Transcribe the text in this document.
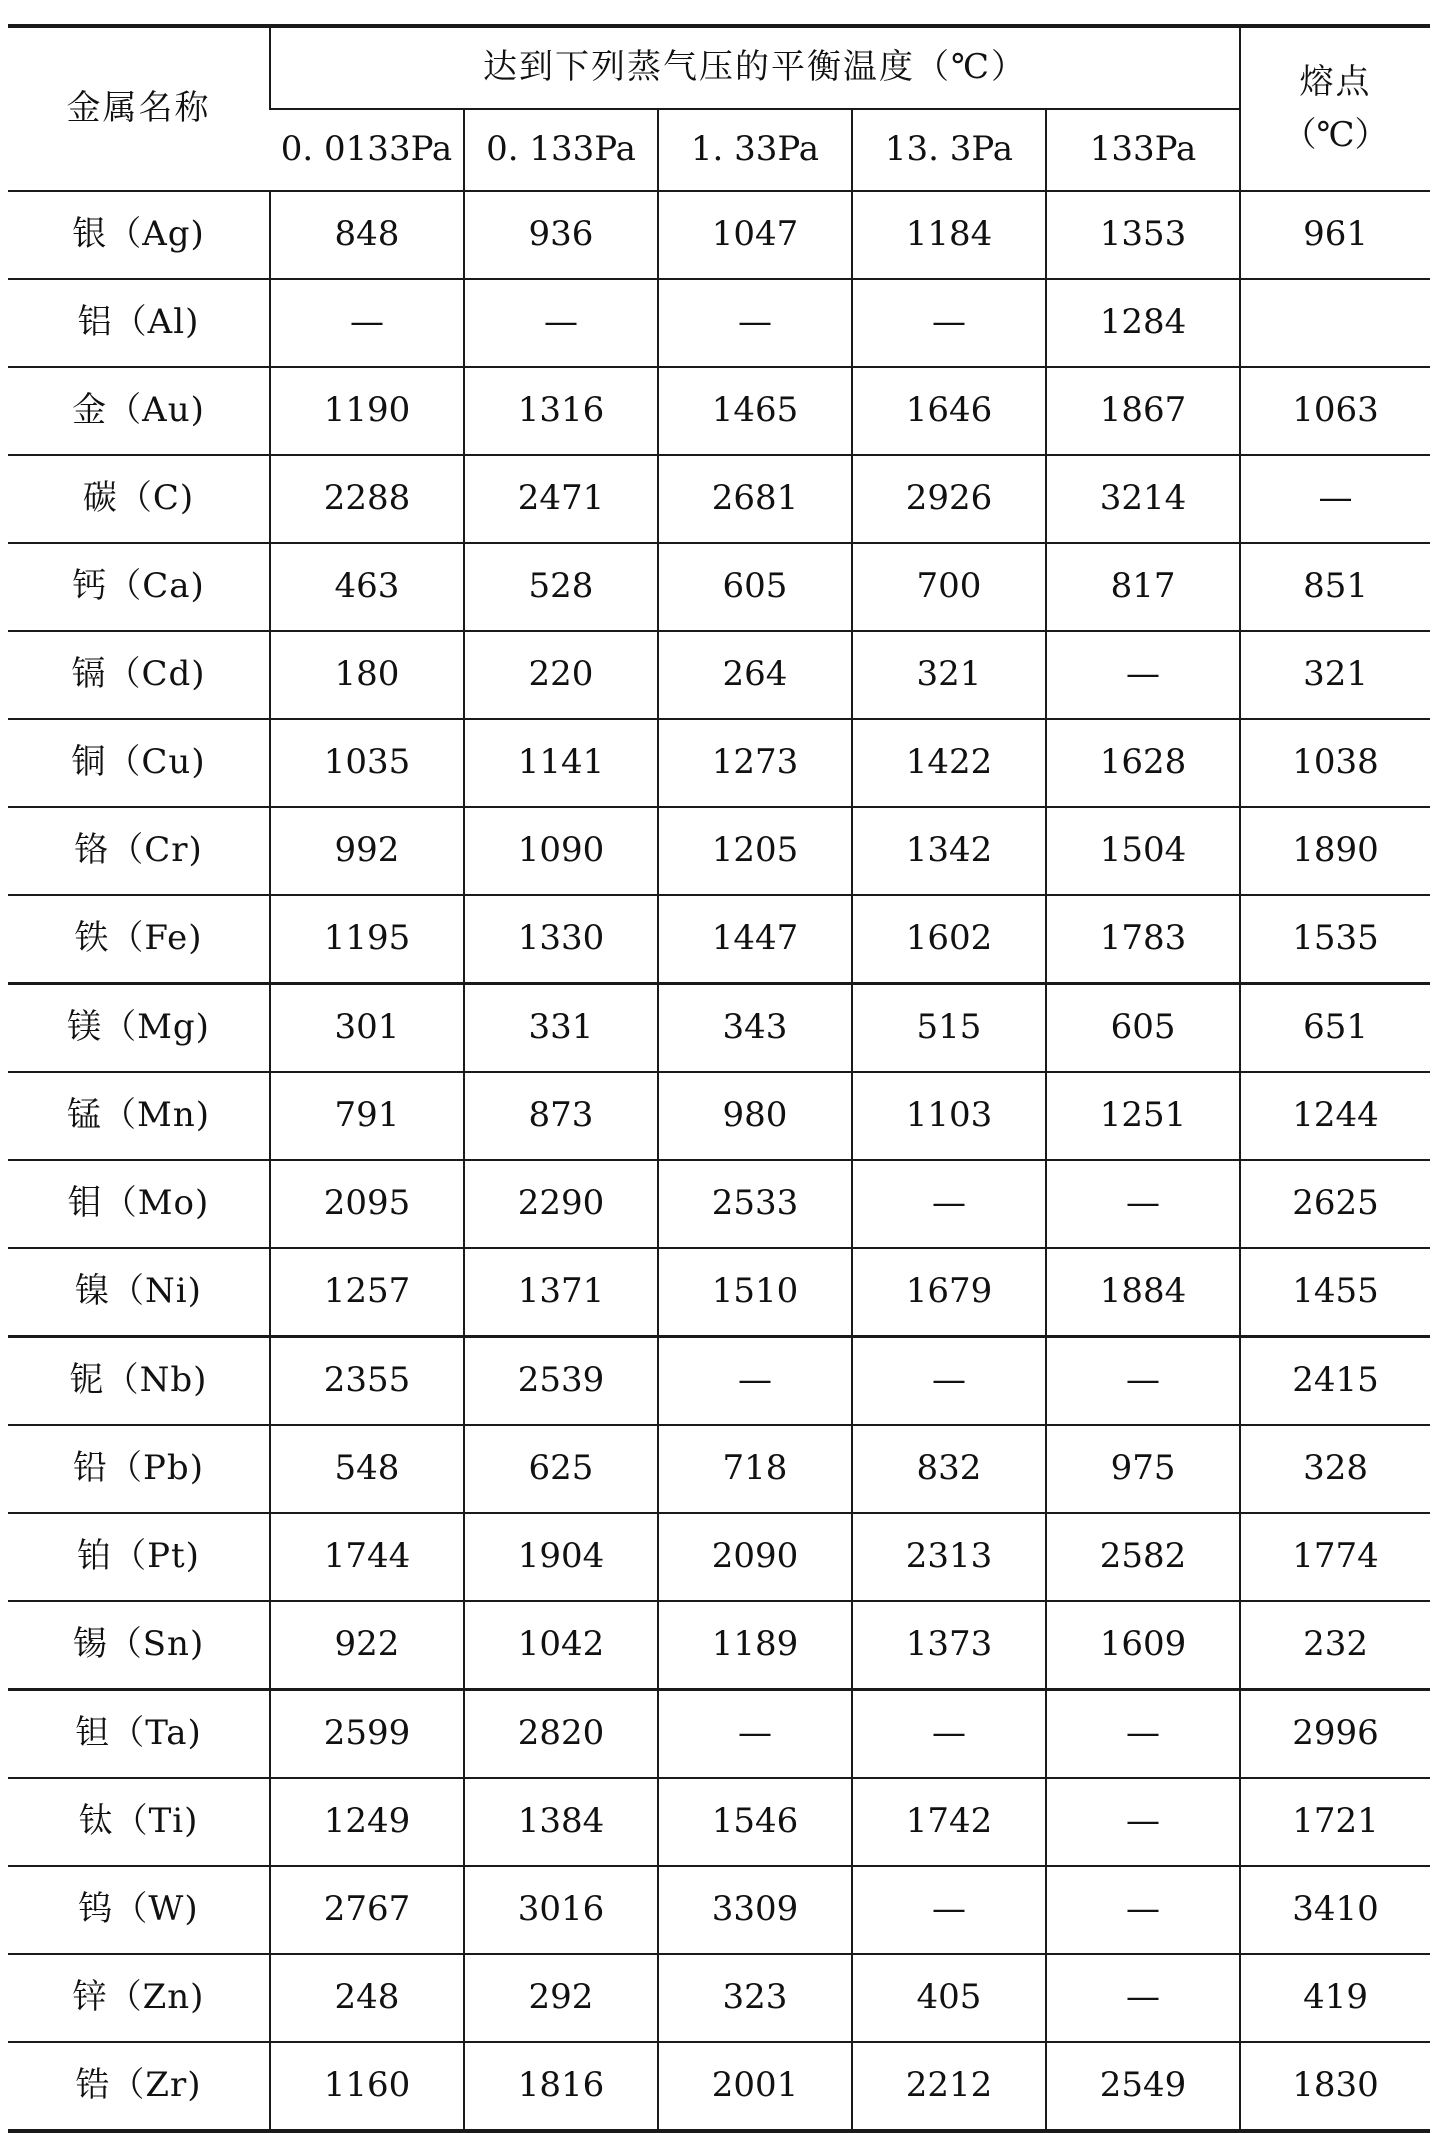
金属名称	达到下列蒸气压的平衡温度（℃）					熔点
（℃）
	0. 0133Pa	0. 133Pa	1. 33Pa	13. 3Pa	133Pa	
银（Ag)	848	936	1047	1184	1353	961
铝（Al)	—	—	—	—	1284	
金（Au)	1190	1316	1465	1646	1867	1063
碳（C)	2288	2471	2681	2926	3214	—
钙（Ca)	463	528	605	700	817	851
镉（Cd)	180	220	264	321	—	321
铜（Cu)	1035	1141	1273	1422	1628	1038
铬（Cr)	992	1090	1205	1342	1504	1890
铁（Fe)	1195	1330	1447	1602	1783	1535
镁（Mg)	301	331	343	515	605	651
锰（Mn)	791	873	980	1103	1251	1244
钼（Mo)	2095	2290	2533	—	—	2625
镍（Ni)	1257	1371	1510	1679	1884	1455
铌（Nb)	2355	2539	—	—	—	2415
铅（Pb)	548	625	718	832	975	328
铂（Pt)	1744	1904	2090	2313	2582	1774
锡（Sn)	922	1042	1189	1373	1609	232
钽（Ta)	2599	2820	—	—	—	2996
钛（Ti)	1249	1384	1546	1742	—	1721
钨（W)	2767	3016	3309	—	—	3410
锌（Zn)	248	292	323	405	—	419
锆（Zr)	1160	1816	2001	2212	2549	1830
